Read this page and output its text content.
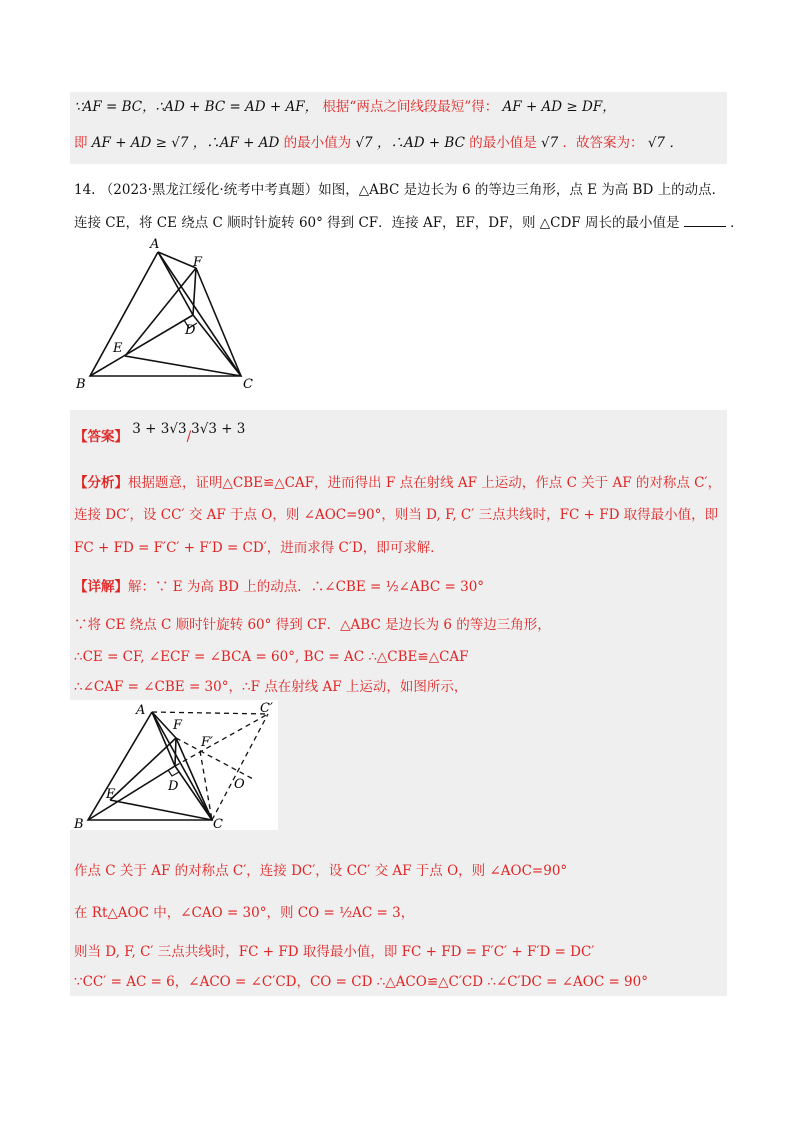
∵AF = BC，∴AD + BC = AD + AF， 根据“两点之间线段最短”得： AF + AD ≥ DF，
即 AF + AD ≥ √7 ，∴AF + AD 的最小值为 √7 ，∴AD + BC 的最小值是 √7 ．故答案为： √7 ．
14. （2023·黑龙江绥化·统考中考真题）如图，△ABC 是边长为 6 的等边三角形，点 E 为高 BD 上的动点．
连接 CE，将 CE 绕点 C 顺时针旋转 60° 得到 CF．连接 AF，EF，DF，则 △CDF 周长的最小值是	．
A
F
D
E
B	C
【答案】 3 + 3√3/3√3 + 3
【分析】根据题意，证明△CBE≌△CAF，进而得出 F 点在射线 AF 上运动，作点 C 关于 AF 的对称点 C′，
连接 DC′，设 CC′ 交 AF 于点 O，则 ∠AOC=90°，则当 D, F, C′ 三点共线时，FC + FD 取得最小值，即
FC + FD = F′C′ + F′D = CD′，进而求得 C′D，即可求解．
【详解】解：∵ E 为高 BD 上的动点．∴∠CBE = ½∠ABC = 30°
∵将 CE 绕点 C 顺时针旋转 60° 得到 CF．△ABC 是边长为 6 的等边三角形，
∴CE = CF, ∠ECF = ∠BCA = 60°, BC = AC ∴△CBE≌△CAF
∴∠CAF = ∠CBE = 30°，∴F 点在射线 AF 上运动，如图所示，
A
F
C′
F′
D	O
E
B	C
作点 C 关于 AF 的对称点 C′，连接 DC′，设 CC′ 交 AF 于点 O，则 ∠AOC=90°
在 Rt△AOC 中，∠CAO = 30°，则 CO = ½AC = 3，
则当 D, F, C′ 三点共线时，FC + FD 取得最小值，即 FC + FD = F′C′ + F′D = DC′
∵CC′ = AC = 6，∠ACO = ∠C′CD，CO = CD ∴△ACO≌△C′CD ∴∠C′DC = ∠AOC = 90°
